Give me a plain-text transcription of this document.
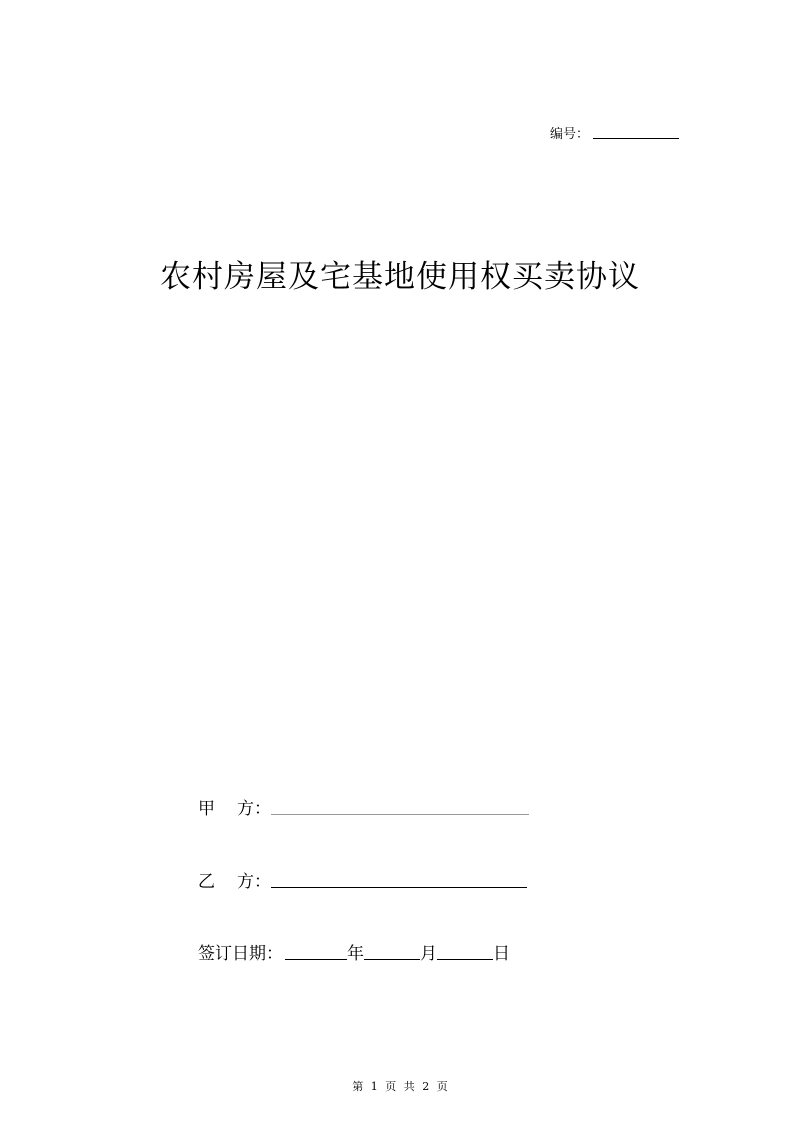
编号：
农村房屋及宅基地使用权买卖协议
甲 方：
乙 方：
签订日期：	年	月	日
第 1 页 共 2 页
